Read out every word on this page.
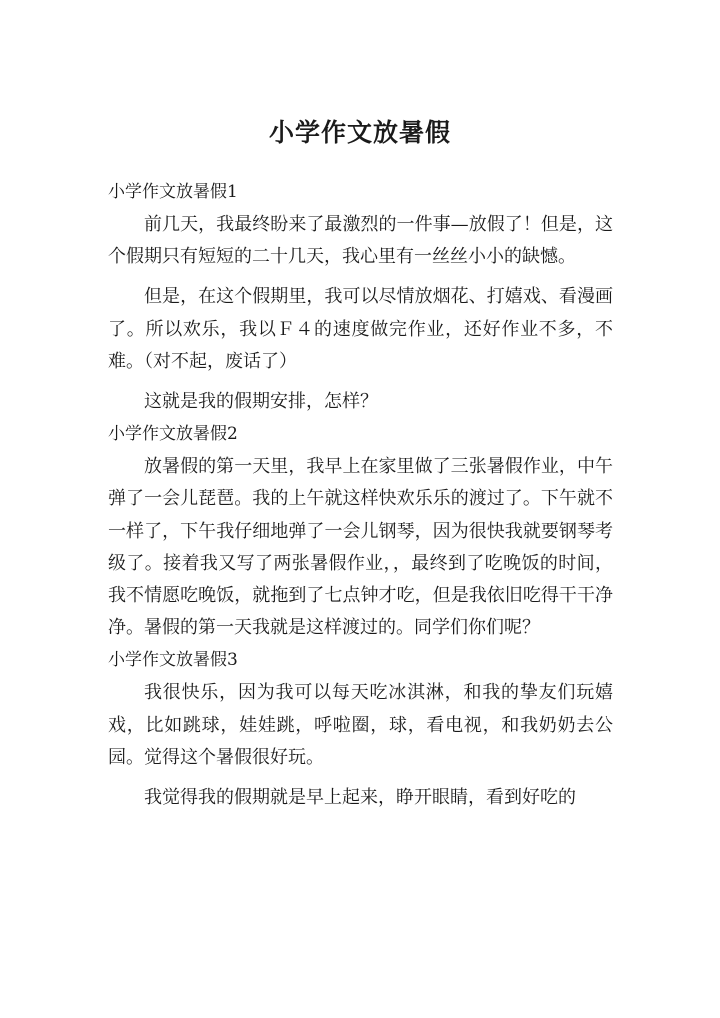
小学作文放暑假
小学作文放暑假1

前几天，我最终盼来了最激烈的一件事—放假了！但是，这个假期只有短短的二十几天，我心里有一丝丝小小的缺憾。

但是，在这个假期里，我可以尽情放烟花、打嬉戏、看漫画了。所以欢乐，我以Ｆ４的速度做完作业，还好作业不多，不难。（对不起，废话了）

这就是我的假期安排，怎样？

小学作文放暑假2

放暑假的第一天里，我早上在家里做了三张暑假作业，中午弹了一会儿琵琶。我的上午就这样快欢乐乐的渡过了。下午就不一样了，下午我仔细地弹了一会儿钢琴，因为很快我就要钢琴考级了。接着我又写了两张暑假作业，，最终到了吃晚饭的时间，我不情愿吃晚饭，就拖到了七点钟才吃，但是我依旧吃得干干净净。暑假的第一天我就是这样渡过的。同学们你们呢？

小学作文放暑假3

我很快乐，因为我可以每天吃冰淇淋，和我的挚友们玩嬉戏，比如跳球，娃娃跳，呼啦圈，球，看电视，和我奶奶去公园。觉得这个暑假很好玩。

我觉得我的假期就是早上起来，睁开眼睛，看到好吃的
